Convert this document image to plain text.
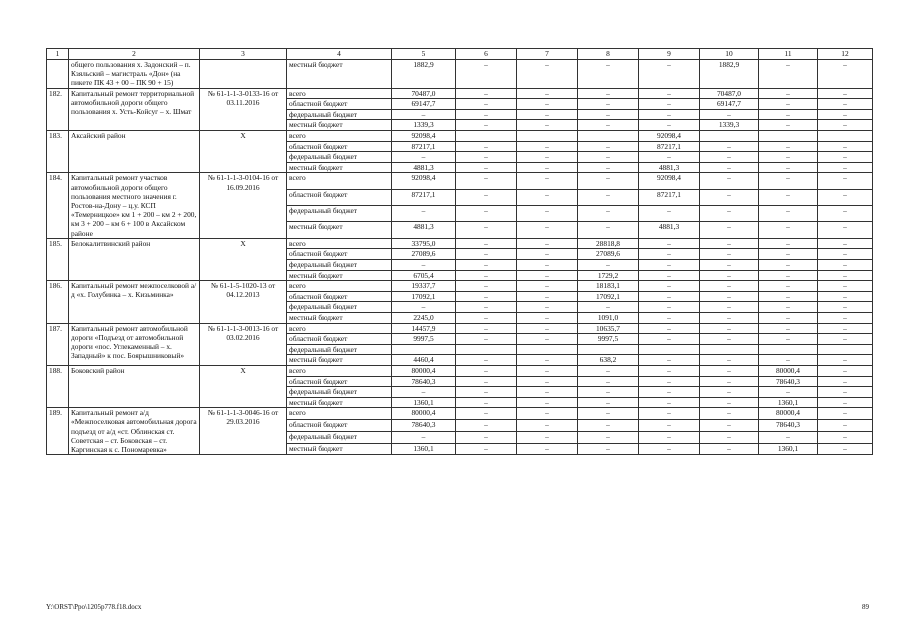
1	2	3	4	5	6	7	8	9	10	11	12
	общего пользования х. Задонский – п. Кзяльский – магистраль «Дон» (на пикете ПК 43 + 00 – ПК 90 + 15)		местный бюджет	1882,9	–	–	–	–	1882,9	–	–
182.	Капитальный ремонт территориальной автомобильной дороги общего пользования х. Усть-Койсуг – х. Шмат	№ 61-1-1-3-0133-16 от 03.11.2016	всего	70487,0	–	–	–	–	70487,0	–	–
			областной бюджет	69147,7	–	–	–	–	69147,7	–	–
			федеральный бюджет	–	–	–	–	–	–	–	–
			местный бюджет	1339,3	–	–	–	–	1339,3	–	–
183.	Аксайский район	Х	всего	92098,4				92098,4			
			областной бюджет	87217,1	–	–	–	87217,1	–	–	–
			федеральный бюджет	–	–	–	–	–	–	–	–
			местный бюджет	4881,3	–	–	–	4881,3	–	–	–
184.	Капитальный ремонт участков автомобильной дороги общего пользования местного значения г. Ростов-на-Дону – ц.у. КСП «Темерницкое» км 1 + 200 – км 2 + 200, км 3 + 200 – км 6 + 100 в Аксайском районе	№ 61-1-1-3-0104-16 от 16.09.2016	всего	92098,4	–	–	–	92098,4	–	–	–
			областной бюджет	87217,1	–	–	–	87217,1	–	–	–
			федеральный бюджет	–	–	–	–	–	–	–	–
			местный бюджет	4881,3	–	–	–	4881,3	–	–	–
185.	Белокалитвинский район	Х	всего	33795,0	–	–	28818,8	–	–	–	–
			областной бюджет	27089,6	–	–	27089,6	–	–	–	–
			федеральный бюджет	–	–	–	–	–	–	–	–
			местный бюджет	6705,4	–	–	1729,2	–	–	–	–
186.	Капитальный ремонт межпоселковой а/д «х. Голубинка – х. Кизьминка»	№ 61-1-5-1020-13 от 04.12.2013	всего	19337,7	–	–	18183,1	–	–	–	–
			областной бюджет	17092,1	–	–	17092,1	–	–	–	–
			федеральный бюджет	–	–	–	–	–	–	–	–
			местный бюджет	2245,0	–	–	1091,0	–	–	–	–
187.	Капитальный ремонт автомобильной дороги «Подъезд от автомобильной дороги «пос. Углекаменный – х. Западный» к пос. Боярышниковый»	№ 61-1-1-3-0013-16 от 03.02.2016	всего	14457,9	–	–	10635,7	–	–	–	–
			областной бюджет	9997,5	–	–	9997,5	–	–	–	–
			федеральный бюджет								
			местный бюджет	4460,4	–	–	638,2	–	–	–	–
188.	Боковский район	Х	всего	80000,4	–	–	–	–	–	80000,4	–
			областной бюджет	78640,3	–	–	–	–	–	78640,3	–
			федеральный бюджет	–	–	–	–	–	–	–	–
			местный бюджет	1360,1	–	–	–	–	–	1360,1	–
189.	Капитальный ремонт а/д «Межпоселковая автомобильная дорога подъезд от а/д «ст. Облинская ст. Советская – ст. Боковская – ст. Каргинская к с. Пономаревка»	№ 61-1-1-3-0046-16 от 29.03.2016	всего	80000,4	–	–	–	–	–	80000,4	–
			областной бюджет	78640,3	–	–	–	–	–	78640,3	–
			федеральный бюджет	–	–	–	–	–	–	–	–
			местный бюджет	1360,1	–	–	–	–	–	1360,1	–
Y:\ORST\Ppo\1205p778.f18.docx	89
